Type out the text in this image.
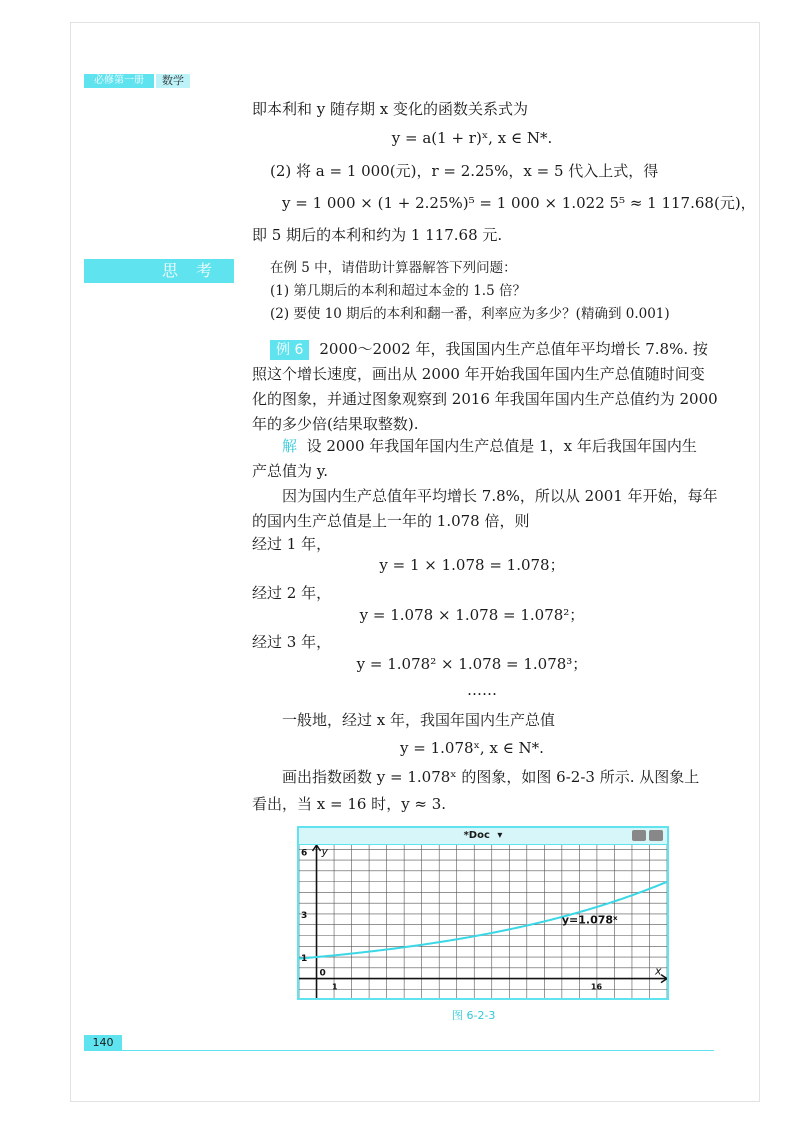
必修第一册	数学
即本利和 y 随存期 x 变化的函数关系式为
y = a(1 + r)ˣ, x ∈ N*.
(2) 将 a = 1 000(元)，r = 2.25%，x = 5 代入上式，得
y = 1 000 × (1 + 2.25%)⁵ = 1 000 × 1.022 5⁵ ≈ 1 117.68(元)，
即 5 期后的本利和约为 1 117.68 元.
思考	在例 5 中，请借助计算器解答下列问题：
(1) 第几期后的本利和超过本金的 1.5 倍？
(2) 要使 10 期后的本利和翻一番，利率应为多少？(精确到 0.001)
例 6 2000～2002 年，我国国内生产总值年平均增长 7.8%. 按
照这个增长速度，画出从 2000 年开始我国年国内生产总值随时间变
化的图象，并通过图象观察到 2016 年我国年国内生产总值约为 2000
年的多少倍(结果取整数).
解 设 2000 年我国年国内生产总值是 1，x 年后我国年国内生
产总值为 y.
因为国内生产总值年平均增长 7.8%，所以从 2001 年开始，每年
的国内生产总值是上一年的 1.078 倍，则
经过 1 年，
y = 1 × 1.078 = 1.078；
经过 2 年，
y = 1.078 × 1.078 = 1.078²；
经过 3 年，
y = 1.078² × 1.078 = 1.078³；
……
一般地，经过 x 年，我国年国内生产总值
y = 1.078ˣ, x ∈ N*.
画出指数函数 y = 1.078ˣ 的图象，如图 6-2-3 所示. 从图象上
看出，当 x = 16 时，y ≈ 3.
*Doc ▾
6
3
1
0
1	16
y
x
y=1.078ˣ
图 6-2-3
140
